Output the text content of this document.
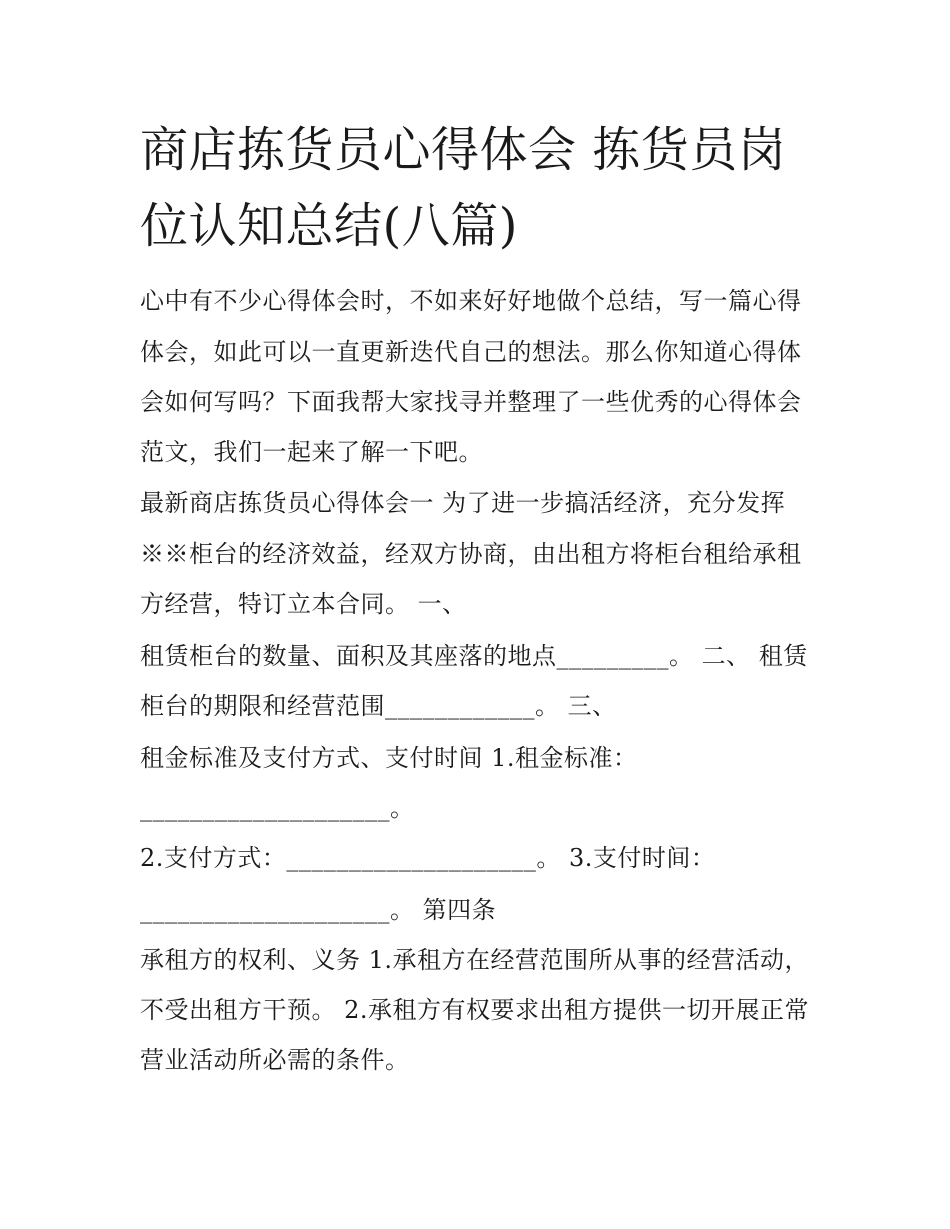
商店拣货员心得体会 拣货员岗位认知总结(八篇)

心中有不少心得体会时，不如来好好地做个总结，写一篇心得

体会，如此可以一直更新迭代自己的想法。那么你知道心得体

会如何写吗？下面我帮大家找寻并整理了一些优秀的心得体会

范文，我们一起来了解一下吧。

最新商店拣货员心得体会一 为了进一步搞活经济，充分发挥

※※柜台的经济效益，经双方协商，由出租方将柜台租给承租

方经营，特订立本合同。 一、

租赁柜台的数量、面积及其座落的地点_________。 二、 租赁

柜台的期限和经营范围____________。 三、

租金标准及支付方式、支付时间 1.租金标准：

____________________。

2.支付方式：____________________。 3.支付时间：

____________________。 第四条

承租方的权利、义务 1.承租方在经营范围所从事的经营活动，

不受出租方干预。 2.承租方有权要求出租方提供一切开展正常

营业活动所必需的条件。
